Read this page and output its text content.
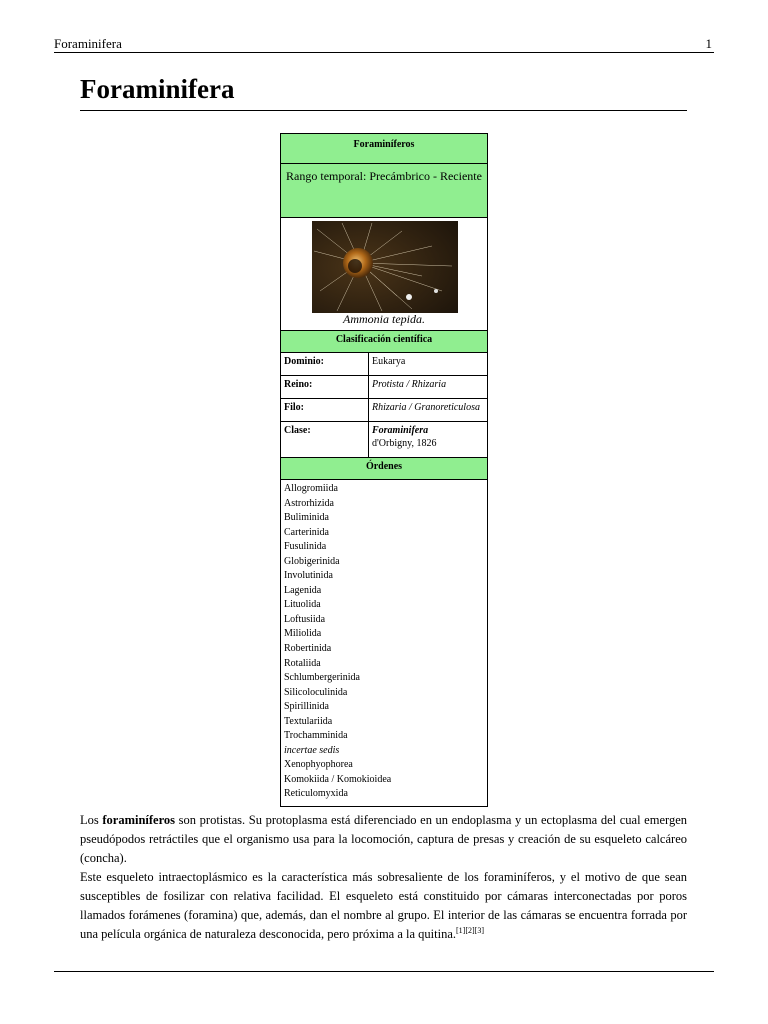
Foraminifera	1
Foraminifera
Foraminíferos
Rango temporal: Precámbrico - Reciente
Ammonia tepida.
Clasificación científica
Dominio:	Eukarya
Reino:	Protista / Rhizaria
Filo:	Rhizaria / Granoreticulosa
Clase:	Foraminifera
d'Orbigny, 1826
Órdenes
Allogromiida
Astrorhizida
Buliminida
Carterinida
Fusulinida
Globigerinida
Involutinida
Lagenida
Lituolida
Loftusiida
Miliolida
Robertinida
Rotaliida
Schlumbergerinida
Silicoloculinida
Spirillinida
Textulariida
Trochamminida
incertae sedis
Xenophyophorea
Komokiida / Komokioidea
Reticulomyxida

Los foraminíferos son protistas. Su protoplasma está diferenciado en un endoplasma y un ectoplasma del cual emergen pseudópodos retráctiles que el organismo usa para la locomoción, captura de presas y creación de su esqueleto calcáreo (concha).

Este esqueleto intraectoplásmico es la característica más sobresaliente de los foraminíferos, y el motivo de que sean susceptibles de fosilizar con relativa facilidad. El esqueleto está constituido por cámaras interconectadas por poros llamados forámenes (foramina) que, además, dan el nombre al grupo. El interior de las cámaras se encuentra forrada por una película orgánica de naturaleza desconocida, pero próxima a la quitina.[1][2][3]
